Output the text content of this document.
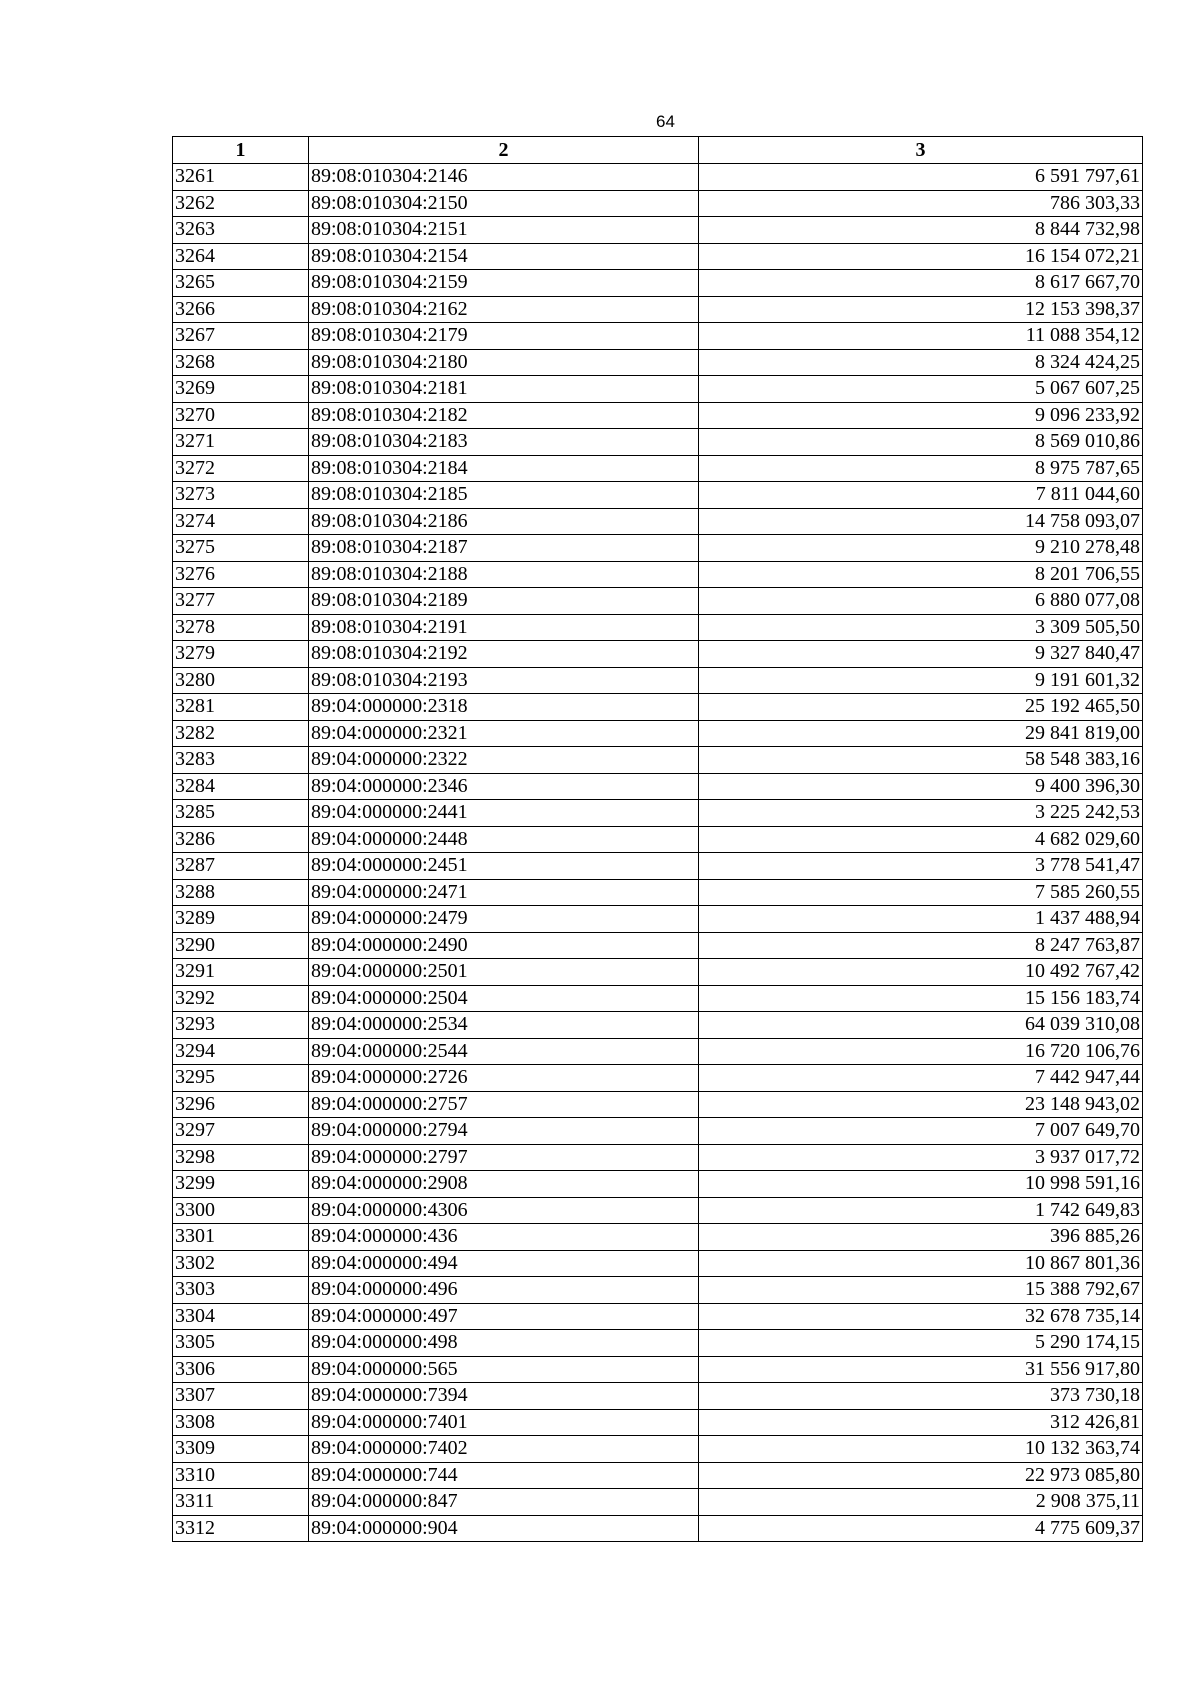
64
1	2	3
3261	89:08:010304:2146	6 591 797,61
3262	89:08:010304:2150	786 303,33
3263	89:08:010304:2151	8 844 732,98
3264	89:08:010304:2154	16 154 072,21
3265	89:08:010304:2159	8 617 667,70
3266	89:08:010304:2162	12 153 398,37
3267	89:08:010304:2179	11 088 354,12
3268	89:08:010304:2180	8 324 424,25
3269	89:08:010304:2181	5 067 607,25
3270	89:08:010304:2182	9 096 233,92
3271	89:08:010304:2183	8 569 010,86
3272	89:08:010304:2184	8 975 787,65
3273	89:08:010304:2185	7 811 044,60
3274	89:08:010304:2186	14 758 093,07
3275	89:08:010304:2187	9 210 278,48
3276	89:08:010304:2188	8 201 706,55
3277	89:08:010304:2189	6 880 077,08
3278	89:08:010304:2191	3 309 505,50
3279	89:08:010304:2192	9 327 840,47
3280	89:08:010304:2193	9 191 601,32
3281	89:04:000000:2318	25 192 465,50
3282	89:04:000000:2321	29 841 819,00
3283	89:04:000000:2322	58 548 383,16
3284	89:04:000000:2346	9 400 396,30
3285	89:04:000000:2441	3 225 242,53
3286	89:04:000000:2448	4 682 029,60
3287	89:04:000000:2451	3 778 541,47
3288	89:04:000000:2471	7 585 260,55
3289	89:04:000000:2479	1 437 488,94
3290	89:04:000000:2490	8 247 763,87
3291	89:04:000000:2501	10 492 767,42
3292	89:04:000000:2504	15 156 183,74
3293	89:04:000000:2534	64 039 310,08
3294	89:04:000000:2544	16 720 106,76
3295	89:04:000000:2726	7 442 947,44
3296	89:04:000000:2757	23 148 943,02
3297	89:04:000000:2794	7 007 649,70
3298	89:04:000000:2797	3 937 017,72
3299	89:04:000000:2908	10 998 591,16
3300	89:04:000000:4306	1 742 649,83
3301	89:04:000000:436	396 885,26
3302	89:04:000000:494	10 867 801,36
3303	89:04:000000:496	15 388 792,67
3304	89:04:000000:497	32 678 735,14
3305	89:04:000000:498	5 290 174,15
3306	89:04:000000:565	31 556 917,80
3307	89:04:000000:7394	373 730,18
3308	89:04:000000:7401	312 426,81
3309	89:04:000000:7402	10 132 363,74
3310	89:04:000000:744	22 973 085,80
3311	89:04:000000:847	2 908 375,11
3312	89:04:000000:904	4 775 609,37
